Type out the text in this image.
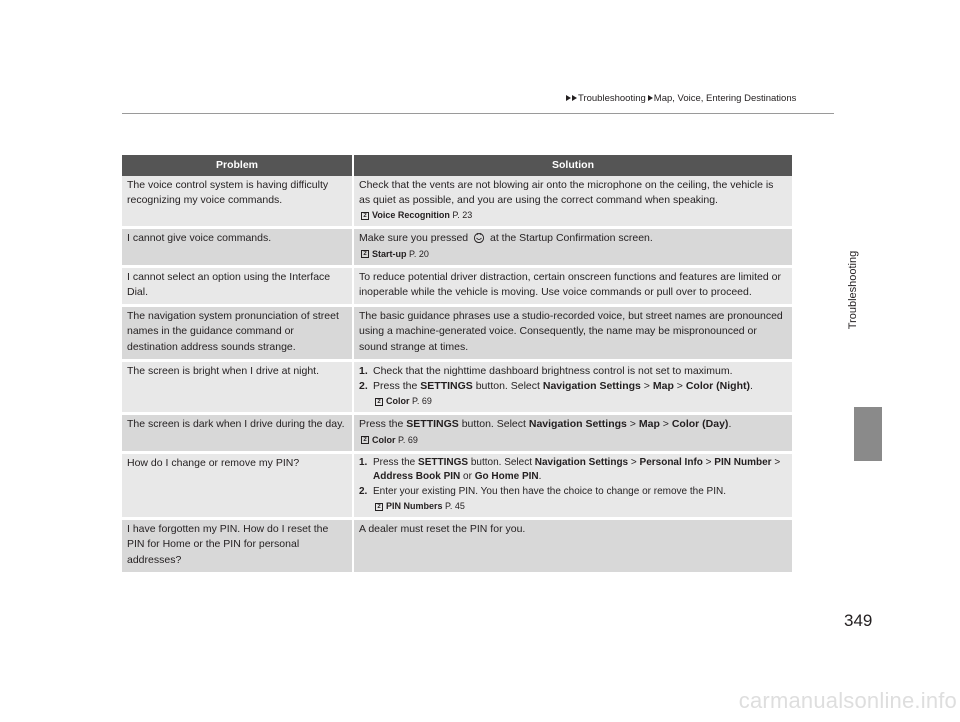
Troubleshooting Map, Voice, Entering Destinations
Troubleshooting
Problem	Solution
The voice control system is having difficulty recognizing my voice commands.	Check that the vents are not blowing air onto the microphone on the ceiling, the vehicle is as quiet as possible, and you are using the correct command when speaking.
2 Voice Recognition P. 23

I cannot give voice commands.	Make sure you pressed at the Startup Confirmation screen.
2 Start-up P. 20

I cannot select an option using the Interface Dial.	To reduce potential driver distraction, certain onscreen functions and features are limited or inoperable while the vehicle is moving. Use voice commands or pull over to proceed.
The navigation system pronunciation of street names in the guidance command or destination address sounds strange.	The basic guidance phrases use a studio-recorded voice, but street names are pronounced using a machine-generated voice. Consequently, the name may be mispronounced or sound strange at times.
The screen is bright when I drive at night.	1. Check that the nighttime dashboard brightness control is not set to maximum.
2. Press the SETTINGS button. Select Navigation Settings > Map > Color (Night).
2 Color P. 69

The screen is dark when I drive during the day.	Press the SETTINGS button. Select Navigation Settings > Map > Color (Day).
2 Color P. 69

How do I change or remove my PIN?	1. Press the SETTINGS button. Select Navigation Settings > Personal Info > PIN Number > Address Book PIN or Go Home PIN.
2. Enter your existing PIN. You then have the choice to change or remove the PIN.
2 PIN Numbers P. 45

I have forgotten my PIN. How do I reset the PIN for Home or the PIN for personal addresses?	A dealer must reset the PIN for you.
349
carmanualsonline.info
